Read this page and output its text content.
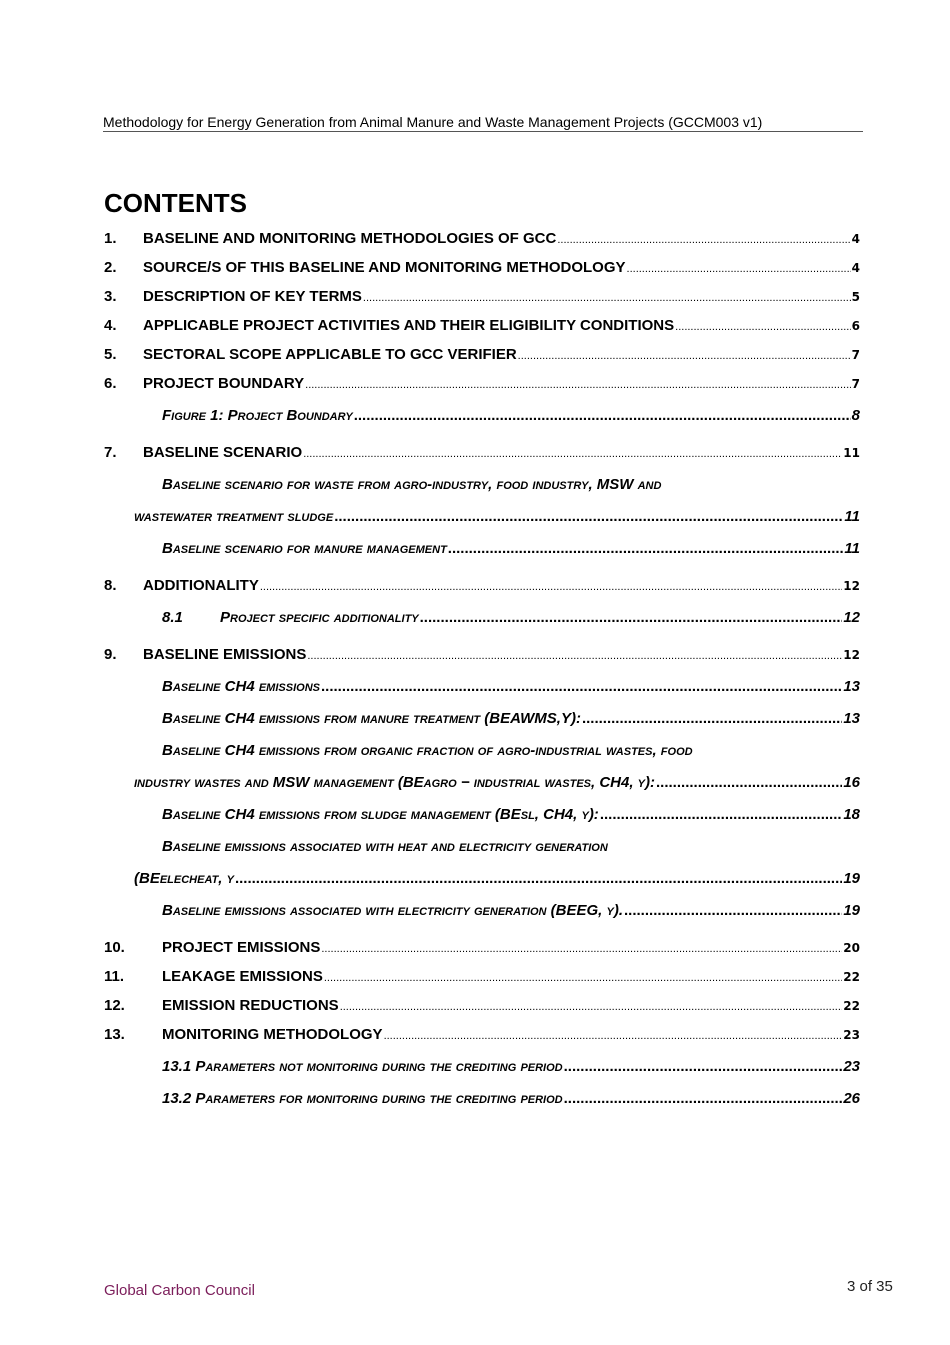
Methodology for Energy Generation from Animal Manure and Waste Management Projects (GCCM003 v1)
CONTENTS
1.	BASELINE AND MONITORING METHODOLOGIES OF GCC .....	4
2.	SOURCE/S OF THIS BASELINE AND MONITORING METHODOLOGY .....	4
3.	DESCRIPTION OF KEY TERMS .....	5
4.	APPLICABLE PROJECT ACTIVITIES AND THEIR ELIGIBILITY CONDITIONS .....	6
5.	SECTORAL SCOPE APPLICABLE TO GCC VERIFIER .....	7
6.	PROJECT BOUNDARY .....	7
Figure 1: Project Boundary .....	8
7.	BASELINE SCENARIO .....	11
Baseline scenario for waste from agro-industry, food industry, MSW and
wastewater treatment sludge .....	11
Baseline scenario for manure management .....	11
8.	ADDITIONALITY .....	12
8.1	Project specific additionality .....	12
9.	BASELINE EMISSIONS .....	12
Baseline CH4 emissions .....	13
Baseline CH4 emissions from manure treatment (BEAWMS,Y): .....	13
Baseline CH4 emissions from organic fraction of agro-industrial wastes, food
industry wastes and MSW management (BEagro − industrial wastes, CH4, y): .....	16
Baseline CH4 emissions from sludge management (BEsl, CH4, y): .....	18
Baseline emissions associated with heat and electricity generation
(BEelecheat, y .....	19
Baseline emissions associated with electricity generation (BEEG, y). .....	19
10.	PROJECT EMISSIONS .....	20
11.	LEAKAGE EMISSIONS .....	22
12.	EMISSION REDUCTIONS .....	22
13.	MONITORING METHODOLOGY .....	23
13.1 Parameters not monitoring during the crediting period .....	23
13.2 Parameters for monitoring during the crediting period .....	26
Global Carbon Council	3 of 35
